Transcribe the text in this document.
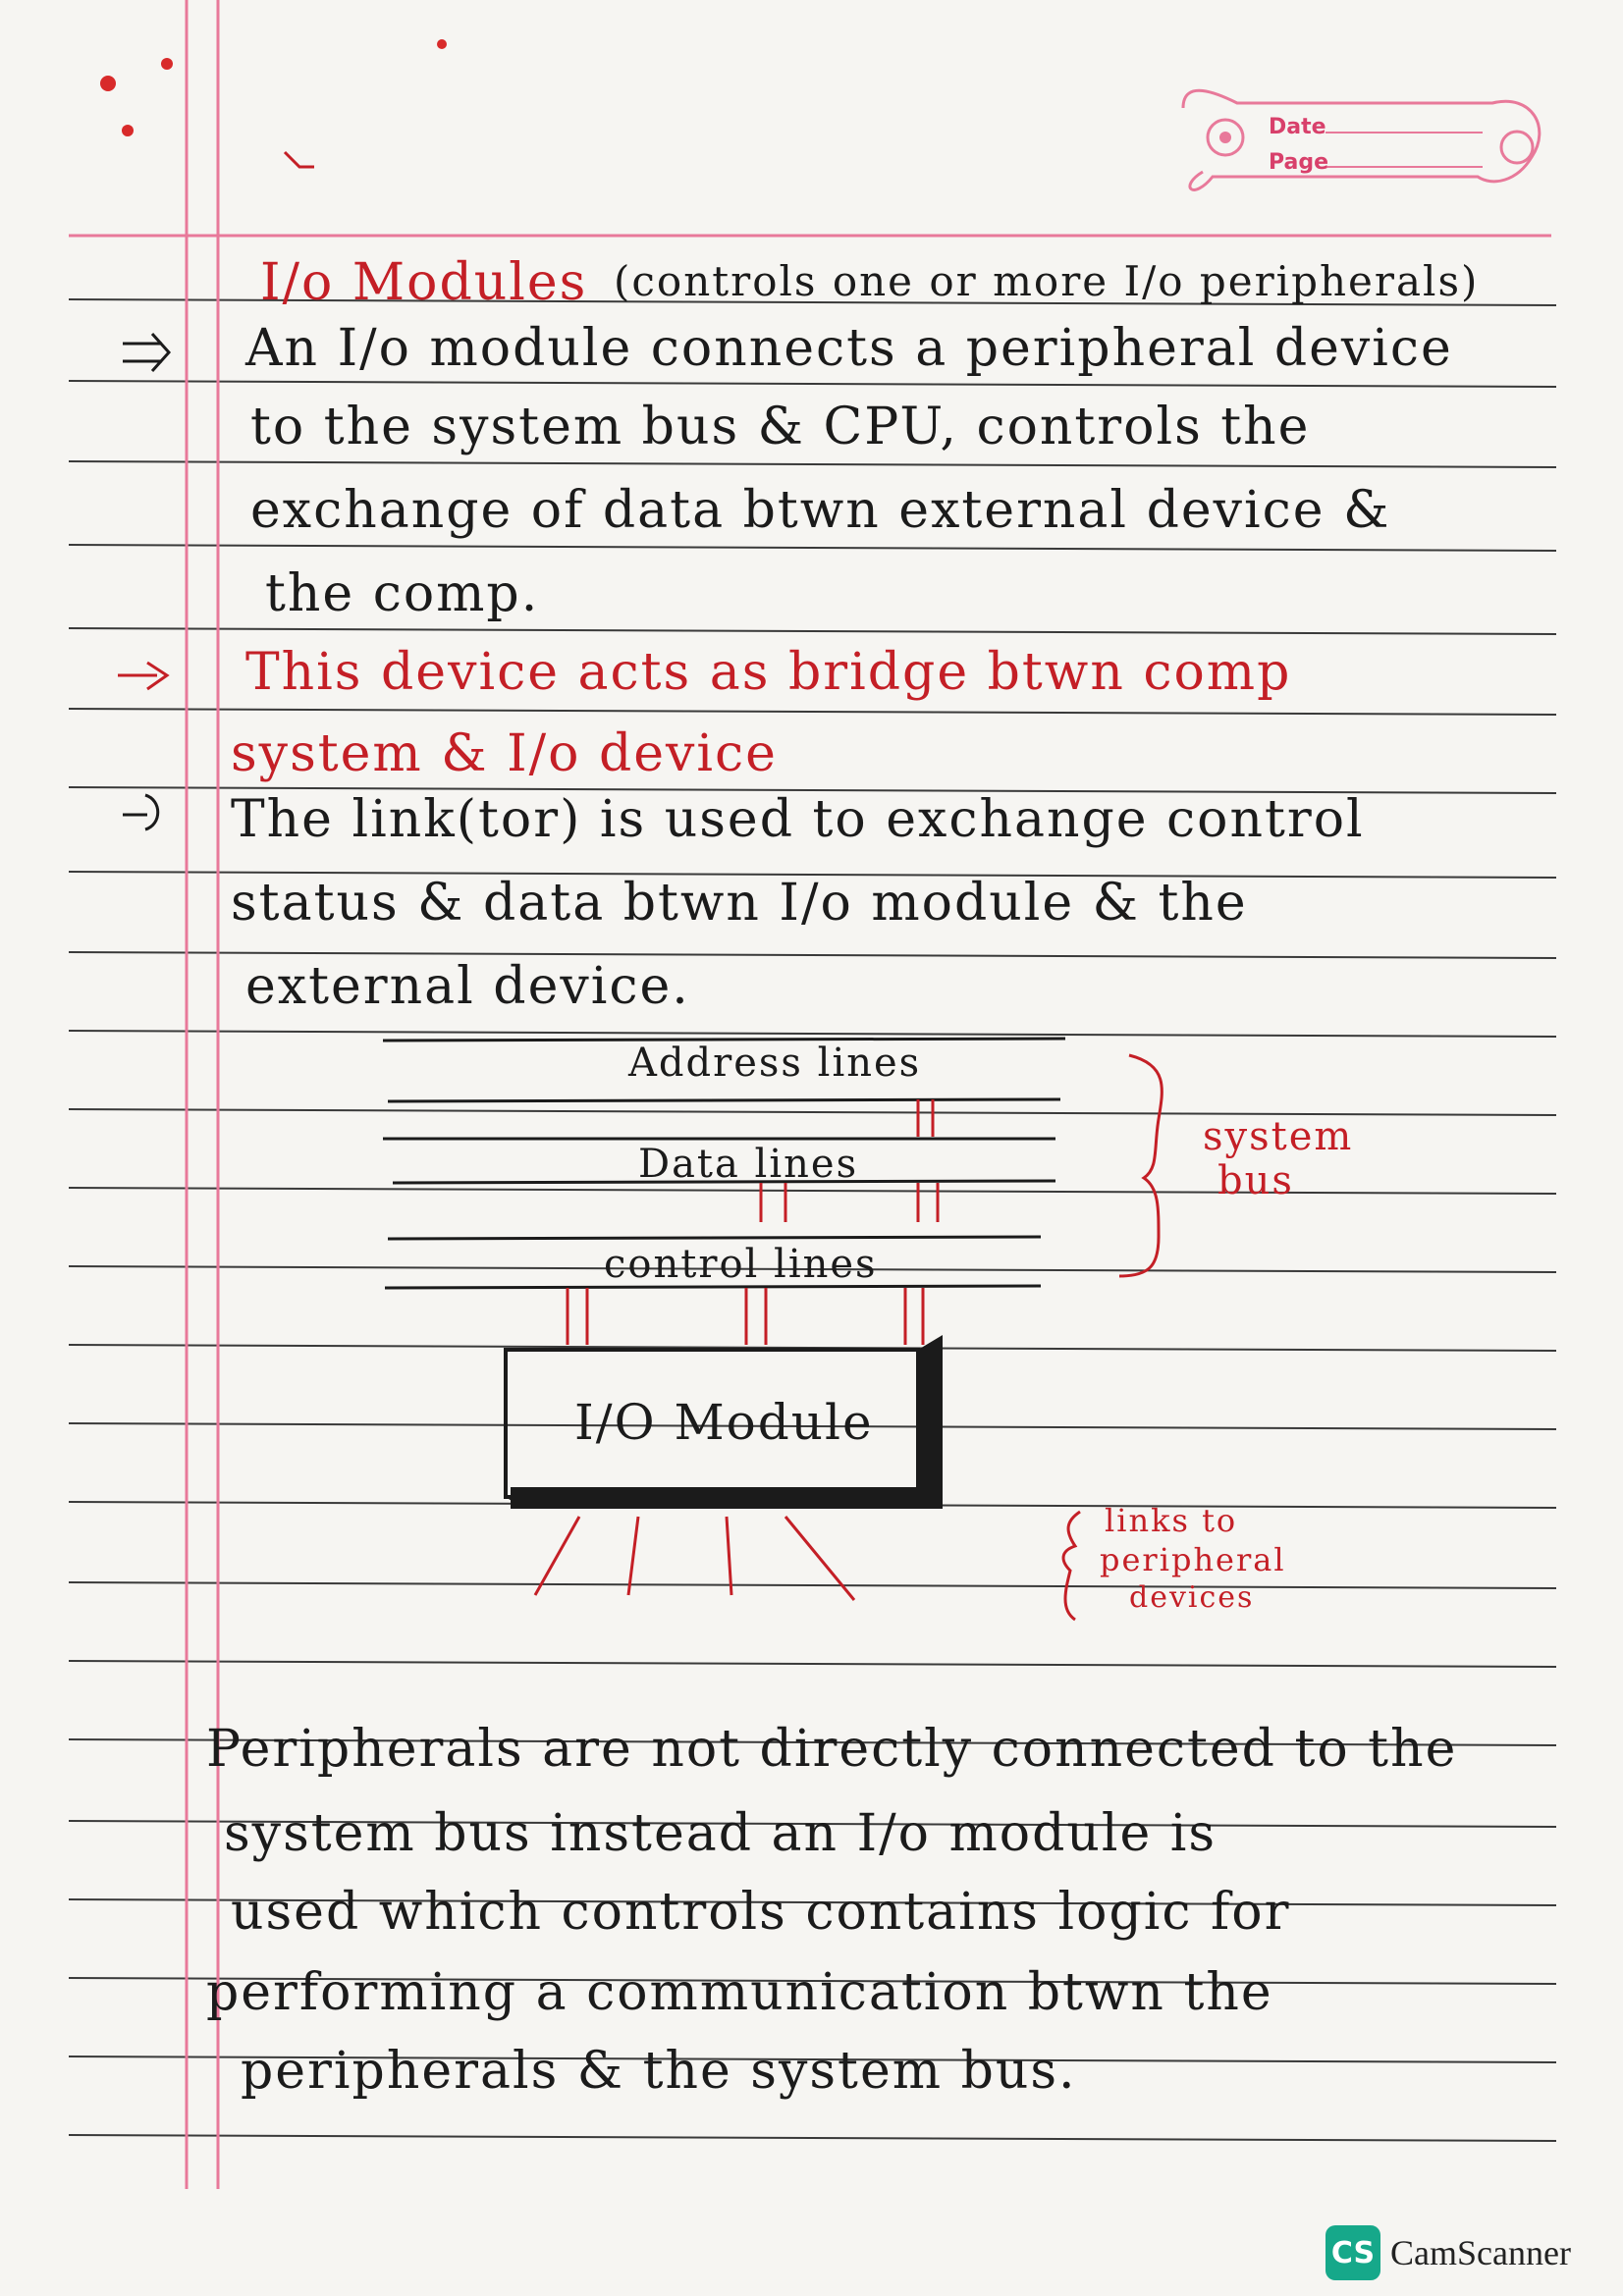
Date
Page
I/o Modules (controls one or more I/o peripherals)
An I/o module connects a peripheral device
to the system bus & CPU, controls the
exchange of data btwn external device &
the comp.
This device acts as bridge btwn comp
system & I/o device
The link(tor) is used to exchange control
status & data btwn I/o module & the
external device.
Address lines
Data lines
control lines
I/O Module
system
bus
links to
peripheral
devices
Peripherals are not directly connected to the
system bus instead an I/o module is
used which controls contains logic for
performing a communication btwn the
peripherals & the system bus.
CS CamScanner
